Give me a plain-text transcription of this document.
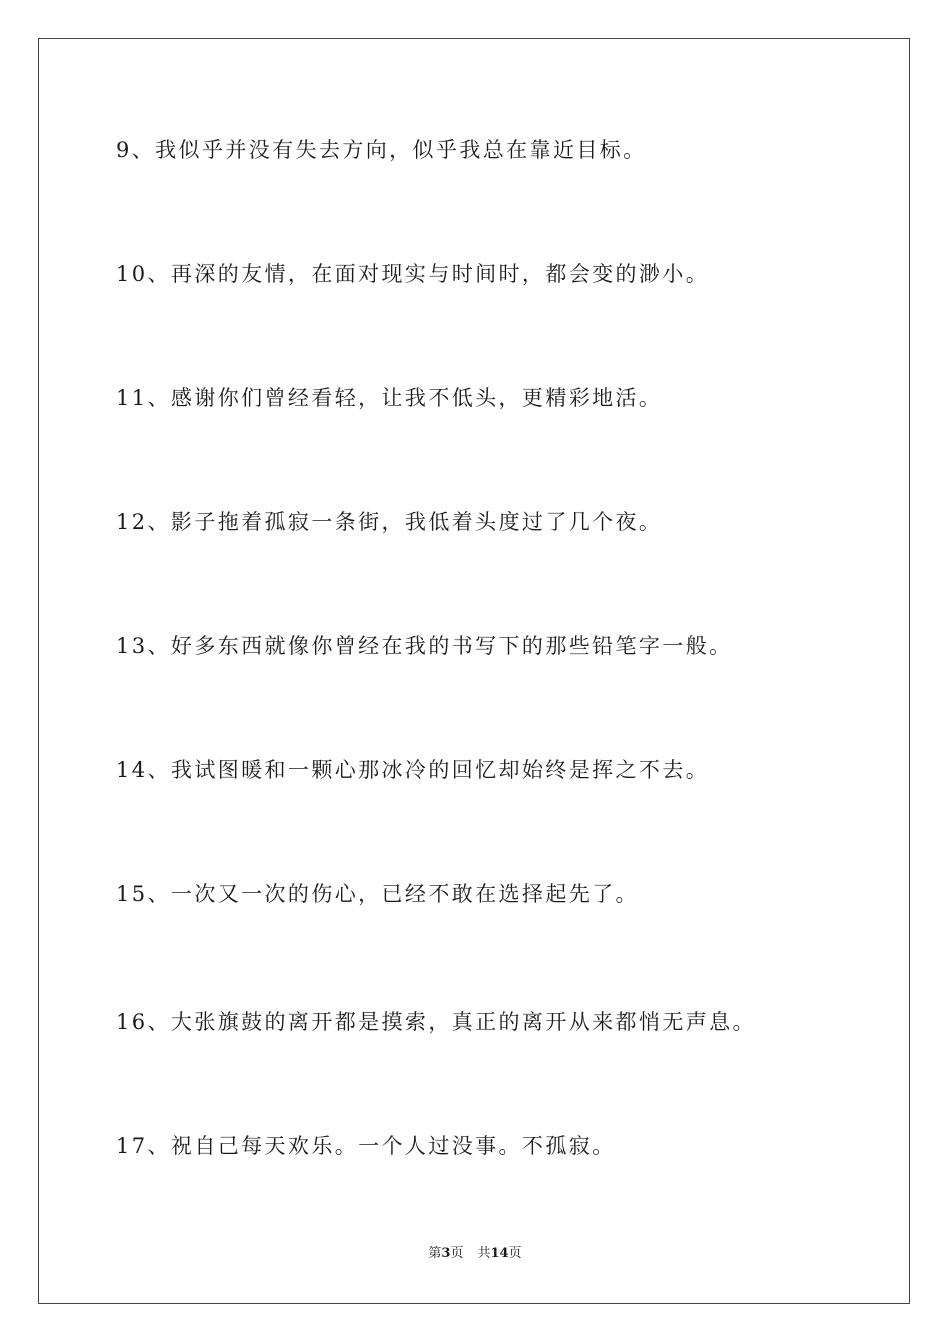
9、我似乎并没有失去方向，似乎我总在靠近目标。
10、再深的友情，在面对现实与时间时，都会变的渺小。
11、感谢你们曾经看轻，让我不低头，更精彩地活。
12、影子拖着孤寂一条街，我低着头度过了几个夜。
13、好多东西就像你曾经在我的书写下的那些铅笔字一般。
14、我试图暖和一颗心那冰冷的回忆却始终是挥之不去。
15、一次又一次的伤心，已经不敢在选择起先了。
16、大张旗鼓的离开都是摸索，真正的离开从来都悄无声息。
17、祝自己每天欢乐。一个人过没事。不孤寂。
第3页 共14页
